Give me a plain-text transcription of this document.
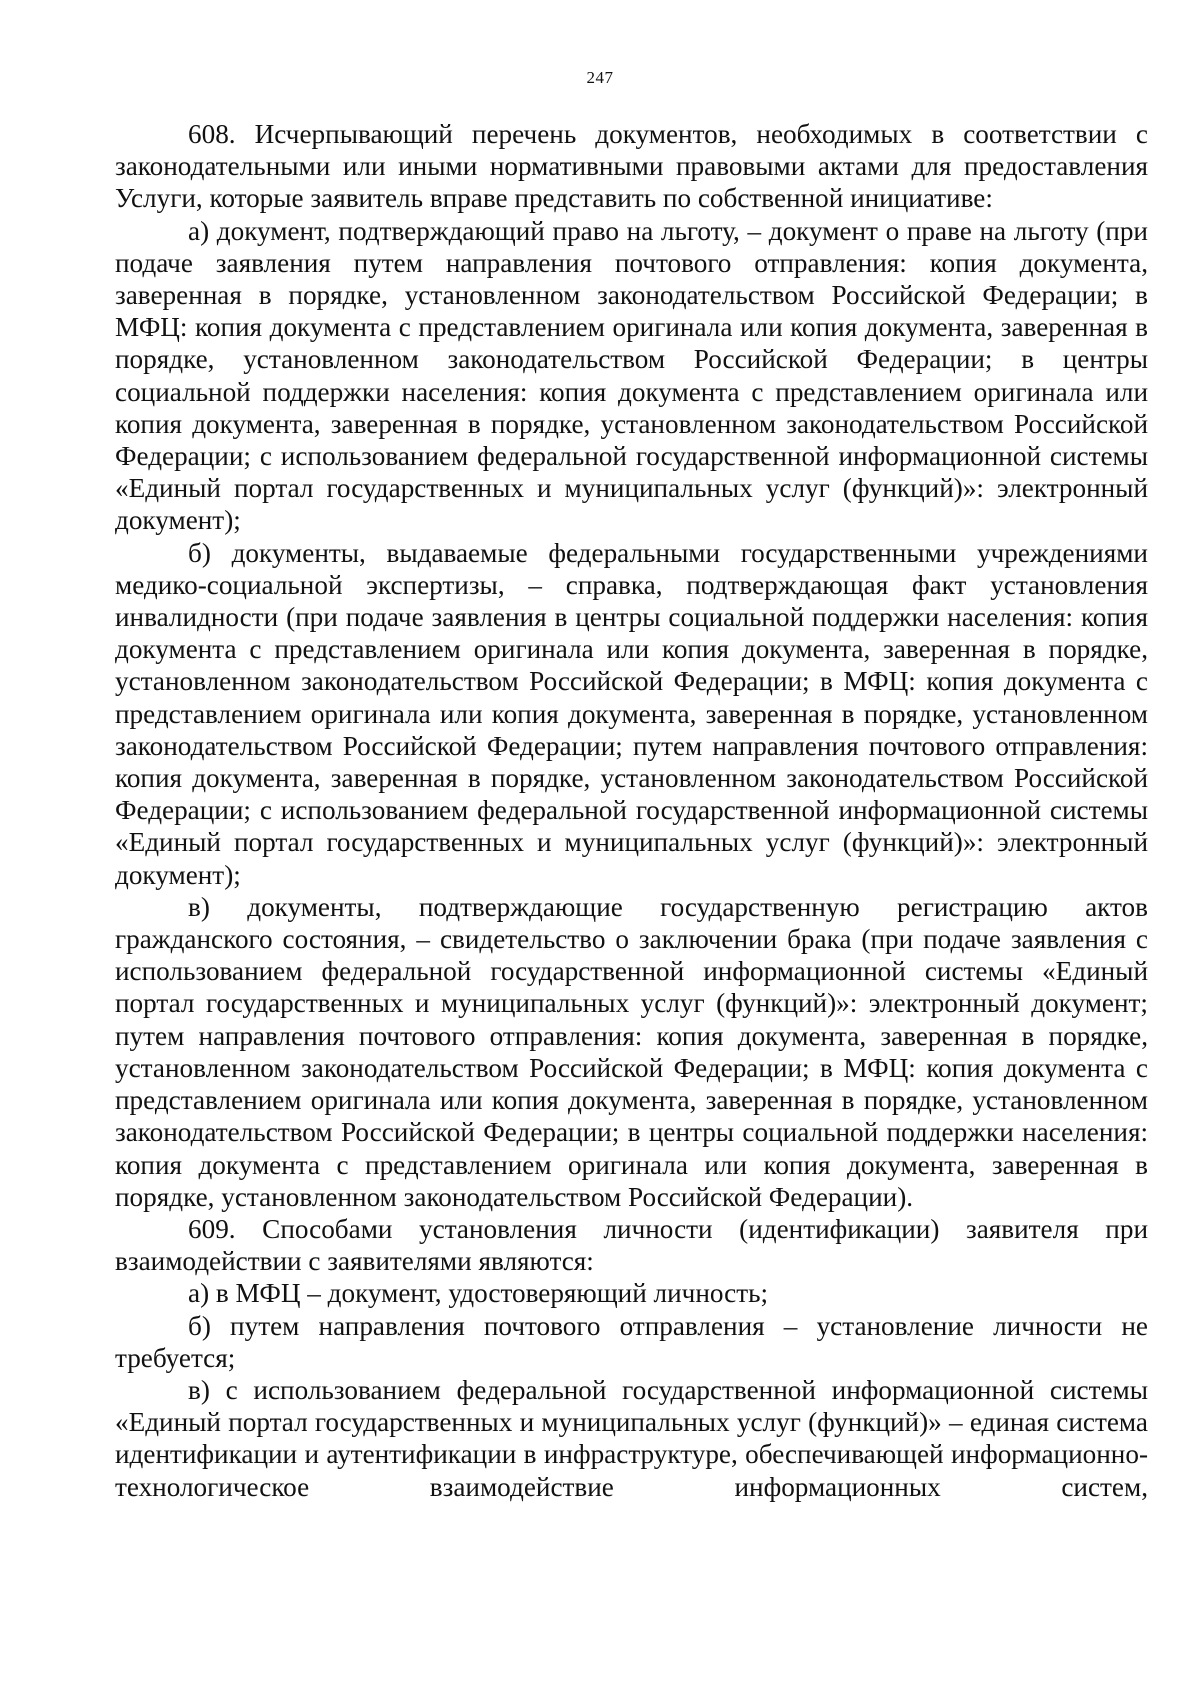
247

608. Исчерпывающий перечень документов, необходимых в соответствии с законодательными или иными нормативными правовыми актами для предоставления Услуги, которые заявитель вправе представить по собственной инициативе:

а) документ, подтверждающий право на льготу, – документ о праве на льготу (при подаче заявления путем направления почтового отправления: копия документа, заверенная в порядке, установленном законодательством Российской Федерации; в МФЦ: копия документа с представлением оригинала или копия документа, заверенная в порядке, установленном законодательством Российской Федерации; в центры социальной поддержки населения: копия документа с представлением оригинала или копия документа, заверенная в порядке, установленном законодательством Российской Федерации; с использованием федеральной государственной информационной системы «Единый портал государственных и муниципальных услуг (функций)»: электронный документ);

б) документы, выдаваемые федеральными государственными учреждениями медико-социальной экспертизы, – справка, подтверждающая факт установления инвалидности (при подаче заявления в центры социальной поддержки населения: копия документа с представлением оригинала или копия документа, заверенная в порядке, установленном законодательством Российской Федерации; в МФЦ: копия документа с представлением оригинала или копия документа, заверенная в порядке, установленном законодательством Российской Федерации; путем направления почтового отправления: копия документа, заверенная в порядке, установленном законодательством Российской Федерации; с использованием федеральной государственной информационной системы «Единый портал государственных и муниципальных услуг (функций)»: электронный документ);

в) документы, подтверждающие государственную регистрацию актов гражданского состояния, – свидетельство о заключении брака (при подаче заявления с использованием федеральной государственной информационной системы «Единый портал государственных и муниципальных услуг (функций)»: электронный документ; путем направления почтового отправления: копия документа, заверенная в порядке, установленном законодательством Российской Федерации; в МФЦ: копия документа с представлением оригинала или копия документа, заверенная в порядке, установленном законодательством Российской Федерации; в центры социальной поддержки населения: копия документа с представлением оригинала или копия документа, заверенная в порядке, установленном законодательством Российской Федерации).

609. Способами установления личности (идентификации) заявителя при взаимодействии с заявителями являются:

а) в МФЦ – документ, удостоверяющий личность;

б) путем направления почтового отправления – установление личности не требуется;

в) с использованием федеральной государственной информационной системы «Единый портал государственных и муниципальных услуг (функций)» – единая система идентификации и аутентификации в инфраструктуре, обеспечивающей информационно-технологическое взаимодействие информационных систем,
